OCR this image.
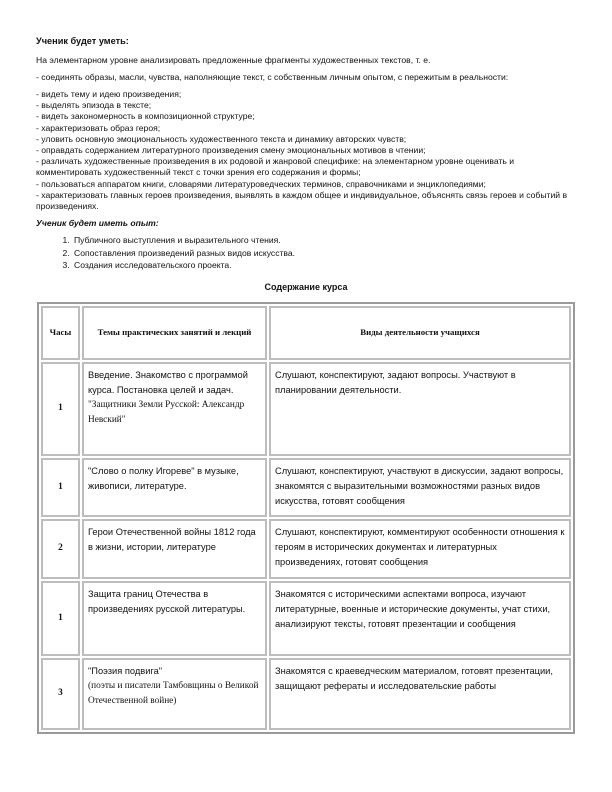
Ученик будет уметь:
На элементарном уровне анализировать предложенные фрагменты художественных текстов, т. е.
- соединять образы, масли, чувства, наполняющие текст, с собственным личным опытом, с пережитым в реальности:
- видеть тему и идею произведения;
- выделять эпизода в тексте;
- видеть закономерность в композиционной структуре;
- характеризовать образ героя;
- уловить основную эмоциональность художественного текста и динамику авторских чувств;
- оправдать содержанием литературного произведения смену эмоциональных мотивов в чтении;
- различать художественные произведения в их родовой и жанровой специфике: на элементарном уровне оценивать и комментировать художественный текст с точки зрения его содержания и формы;
- пользоваться аппаратом книги, словарями литературоведческих терминов, справочниками и энциклопедиями;
- характеризовать главных героев произведения, выявлять в каждом общее и индивидуальное, объяснять связь героев и событий в произведениях.
Ученик будет иметь опыт:
1. Публичного выступления и выразительного чтения.
2. Сопоставления произведений разных видов искусства.
3. Создания исследовательского проекта.
Содержание курса
Часы	Темы практических занятий и лекций	Виды деятельности учащихся
1	Введение. Знакомство с программой курса. Постановка целей и задач.
"Защитники Земли Русской: Александр Невский"	Слушают, конспектируют, задают вопросы. Участвуют в планировании деятельности.
1	"Слово о полку Игореве" в музыке, живописи, литературе.	Слушают, конспектируют, участвуют в дискуссии, задают вопросы, знакомятся с выразительными возможностями разных видов искусства, готовят сообщения
2	Герои Отечественной войны 1812 года в жизни, истории, литературе	Слушают, конспектируют, комментируют особенности отношения к героям в исторических документах и литературных произведениях, готовят сообщения
1	Защита границ Отечества в произведениях русской литературы.	Знакомятся с историческими аспектами вопроса, изучают литературные, военные и исторические документы, учат стихи, анализируют тексты, готовят презентации и сообщения
3	"Поэзия подвига"
(поэты и писатели Тамбовщины о Великой Отечественной войне)	Знакомятся с краеведческим материалом, готовят презентации, защищают рефераты и исследовательские работы
